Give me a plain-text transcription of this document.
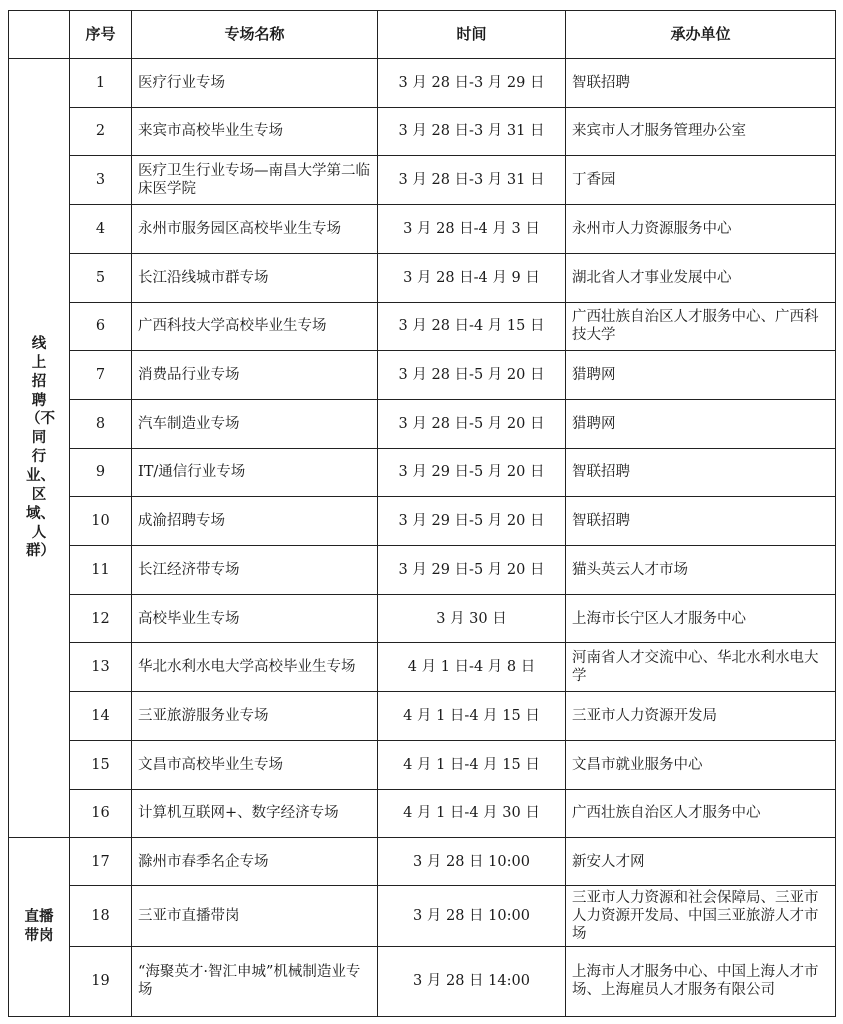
	序号	专场名称	时间	承办单位

线上招聘（不同行业、区域、人群）	1	医疗行业专场	3 月 28 日-3 月 29 日	智联招聘
	2	来宾市高校毕业生专场	3 月 28 日-3 月 31 日	来宾市人才服务管理办公室
	3	医疗卫生行业专场—南昌大学第二临床医学院	3 月 28 日-3 月 31 日	丁香园
	4	永州市服务园区高校毕业生专场	3 月 28 日-4 月 3 日	永州市人力资源服务中心
	5	长江沿线城市群专场	3 月 28 日-4 月 9 日	湖北省人才事业发展中心
	6	广西科技大学高校毕业生专场	3 月 28 日-4 月 15 日	广西壮族自治区人才服务中心、广西科技大学
	7	消费品行业专场	3 月 28 日-5 月 20 日	猎聘网
	8	汽车制造业专场	3 月 28 日-5 月 20 日	猎聘网
	9	IT/通信行业专场	3 月 29 日-5 月 20 日	智联招聘
	10	成渝招聘专场	3 月 29 日-5 月 20 日	智联招聘
	11	长江经济带专场	3 月 29 日-5 月 20 日	猫头英云人才市场
	12	高校毕业生专场	3 月 30 日	上海市长宁区人才服务中心
	13	华北水利水电大学高校毕业生专场	4 月 1 日-4 月 8 日	河南省人才交流中心、华北水利水电大学
	14	三亚旅游服务业专场	4 月 1 日-4 月 15 日	三亚市人力资源开发局
	15	文昌市高校毕业生专场	4 月 1 日-4 月 15 日	文昌市就业服务中心
	16	计算机互联网+、数字经济专场	4 月 1 日-4 月 30 日	广西壮族自治区人才服务中心

直播带岗	17	滁州市春季名企专场	3 月 28 日 10:00	新安人才网
	18	三亚市直播带岗	3 月 28 日 10:00	三亚市人力资源和社会保障局、三亚市人力资源开发局、中国三亚旅游人才市场
	19	“海聚英才·智汇申城”机械制造业专场	3 月 28 日 14:00	上海市人才服务中心、中国上海人才市场、上海雇员人才服务有限公司
